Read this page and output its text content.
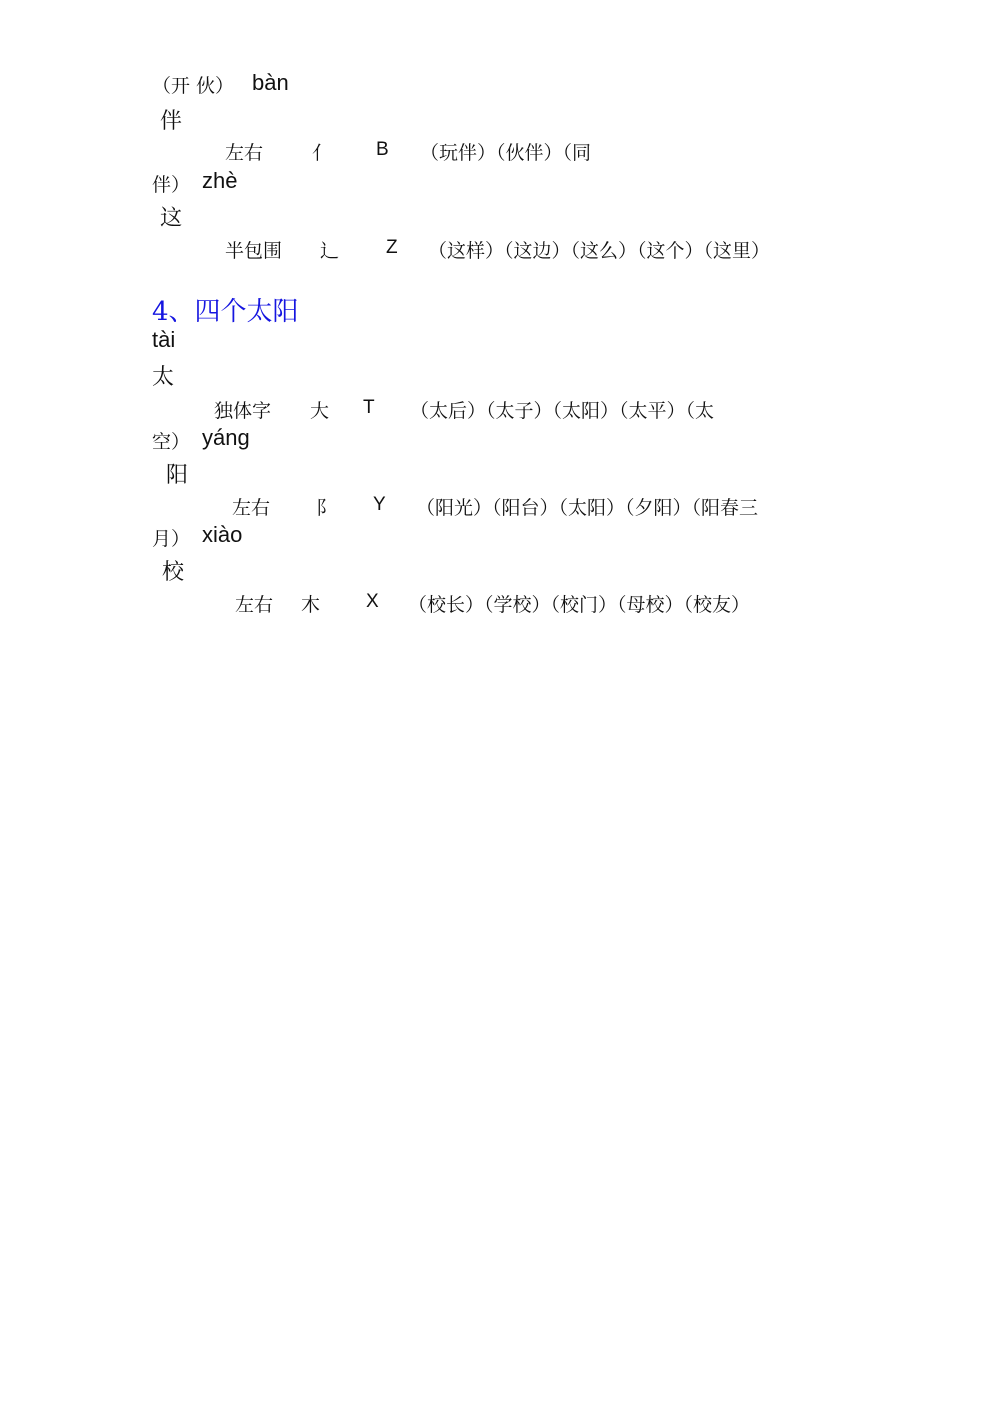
（开 伙） bàn
伴
左右	亻 B （玩伴）（伙伴）（同
伴） zhè
这
半包围 辶 Z （这样）（这边）（这么）（这个）（这里）
4、四个太阳
tài
太
独体字 大 T （太后）（太子）（太阳）（太平）（太
空） yáng
阳
左右 阝 Y （阳光）（阳台）（太阳）（夕阳）（阳春三
月） xiào
校
左右 木 X （校长）（学校）（校门）（母校）（校友）
